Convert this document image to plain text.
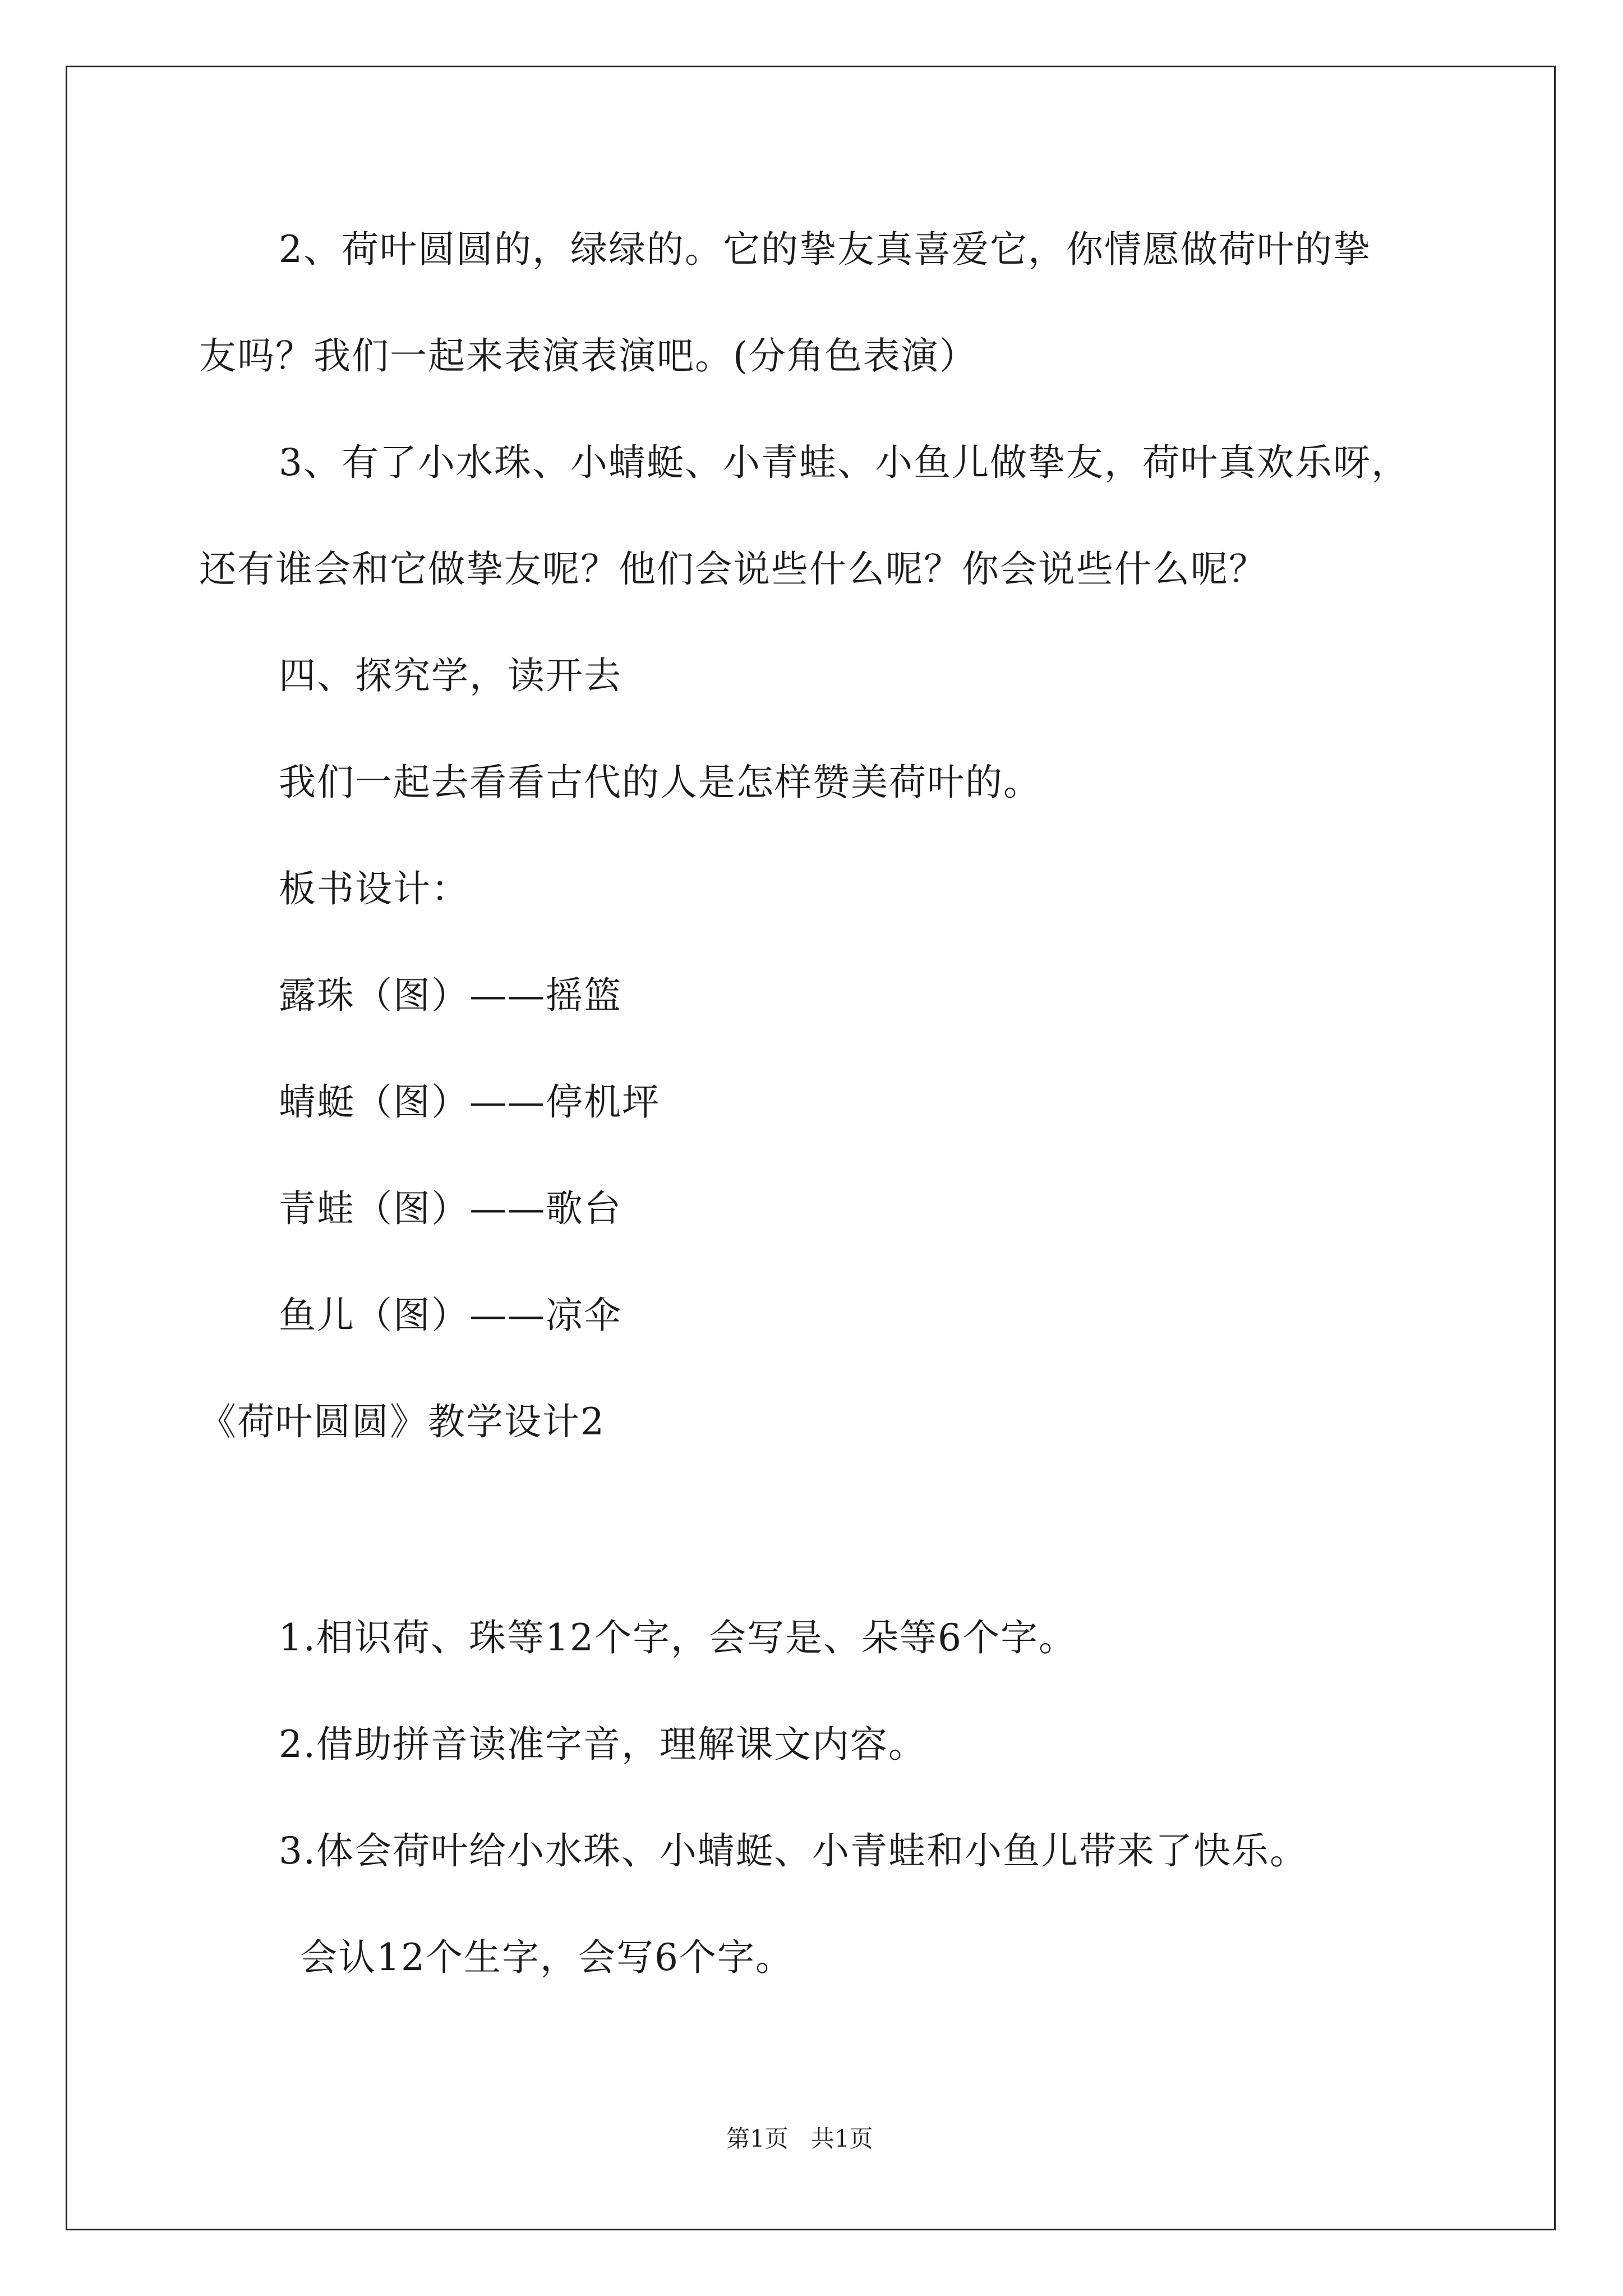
2、荷叶圆圆的，绿绿的。它的挚友真喜爱它，你情愿做荷叶的挚
友吗？我们一起来表演表演吧。(分角色表演）
3、有了小水珠、小蜻蜓、小青蛙、小鱼儿做挚友，荷叶真欢乐呀，
还有谁会和它做挚友呢？他们会说些什么呢？你会说些什么呢？
四、探究学，读开去
我们一起去看看古代的人是怎样赞美荷叶的。
板书设计：
露珠（图）——摇篮
蜻蜓（图）——停机坪
青蛙（图）——歌台
鱼儿（图）——凉伞
《荷叶圆圆》教学设计2
1.相识荷、珠等12个字，会写是、朵等6个字。
2.借助拼音读准字音，理解课文内容。
3.体会荷叶给小水珠、小蜻蜓、小青蛙和小鱼儿带来了快乐。
会认12个生字，会写6个字。
第1页   共1页
